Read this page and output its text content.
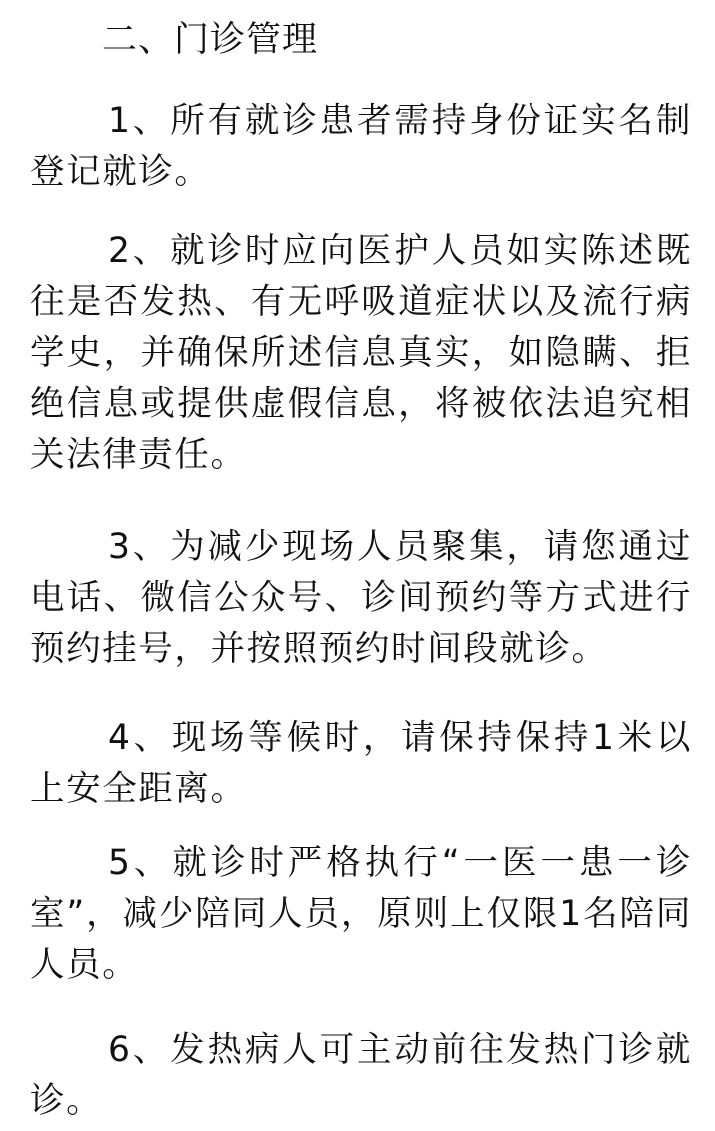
二、门诊管理
1、所有就诊患者需持身份证实名制登记就诊。
2、就诊时应向医护人员如实陈述既往是否发热、有无呼吸道症状以及流行病学史，并确保所述信息真实，如隐瞒、拒绝信息或提供虚假信息，将被依法追究相关法律责任。
3、为减少现场人员聚集，请您通过电话、微信公众号、诊间预约等方式进行预约挂号，并按照预约时间段就诊。
4、现场等候时，请保持保持1米以上安全距离。
5、就诊时严格执行“一医一患一诊室”，减少陪同人员，原则上仅限1名陪同人员。
6、发热病人可主动前往发热门诊就诊。
